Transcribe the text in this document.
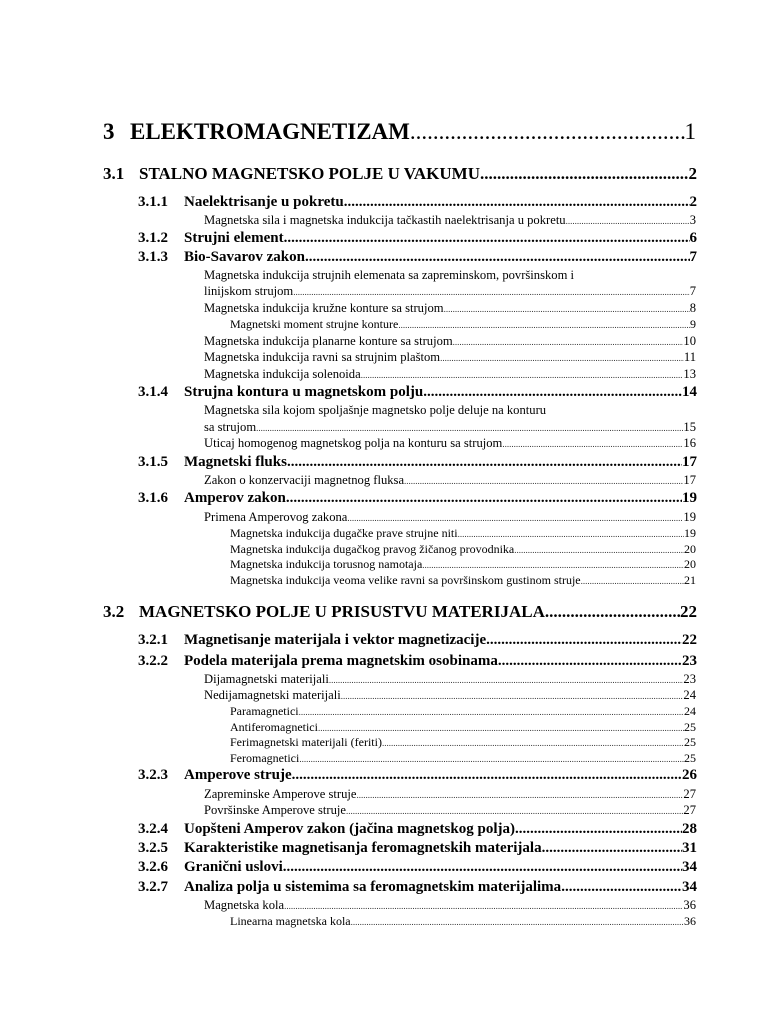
3 ELEKTROMAGNETIZAM .....	1
3.1 STALNO MAGNETSKO POLJE U VAKUMU .....	2
3.1.1 Naelektrisanje u pokretu .....	2
Magnetska sila i magnetska indukcija tačkastih naelektrisanja u pokretu .....	3
3.1.2 Strujni element .....	6
3.1.3 Bio-Savarov zakon .....	7
Magnetska indukcija strujnih elemenata sa zapreminskom, površinskom i
linijskom strujom .....	7
Magnetska indukcija kružne konture sa strujom .....	8
Magnetski moment strujne konture .....	9
Magnetska indukcija planarne konture sa strujom .....	10
Magnetska indukcija ravni sa strujnim plaštom .....	11
Magnetska indukcija solenoida .....	13
3.1.4 Strujna kontura u magnetskom polju .....	14
Magnetska sila kojom spoljašnje magnetsko polje deluje na konturu
sa strujom .....	15
Uticaj homogenog magnetskog polja na konturu sa strujom .....	16
3.1.5 Magnetski fluks .....	17
Zakon o konzervaciji magnetnog fluksa .....	17
3.1.6 Amperov zakon .....	19
Primena Amperovog zakona .....	19
Magnetska indukcija dugačke prave strujne niti .....	19
Magnetska indukcija dugačkog pravog žičanog provodnika .....	20
Magnetska indukcija torusnog namotaja .....	20
Magnetska indukcija veoma velike ravni sa površinskom gustinom struje .....	21
3.2 MAGNETSKO POLJE U PRISUSTVU MATERIJALA .....	22
3.2.1 Magnetisanje materijala i vektor magnetizacije .....	22
3.2.2 Podela materijala prema magnetskim osobinama .....	23
Dijamagnetski materijali .....	23
Nedijamagnetski materijali .....	24
Paramagnetici .....	24
Antiferomagnetici .....	25
Ferimagnetski materijali (feriti) .....	25
Feromagnetici .....	25
3.2.3 Amperove struje .....	26
Zapreminske Amperove struje .....	27
Površinske Amperove struje .....	27
3.2.4 Uopšteni Amperov zakon (jačina magnetskog polja) .....	28
3.2.5 Karakteristike magnetisanja feromagnetskih materijala .....	31
3.2.6 Granični uslovi .....	34
3.2.7 Analiza polja u sistemima sa feromagnetskim materijalima .....	34
Magnetska kola .....	36
Linearna magnetska kola .....	36
